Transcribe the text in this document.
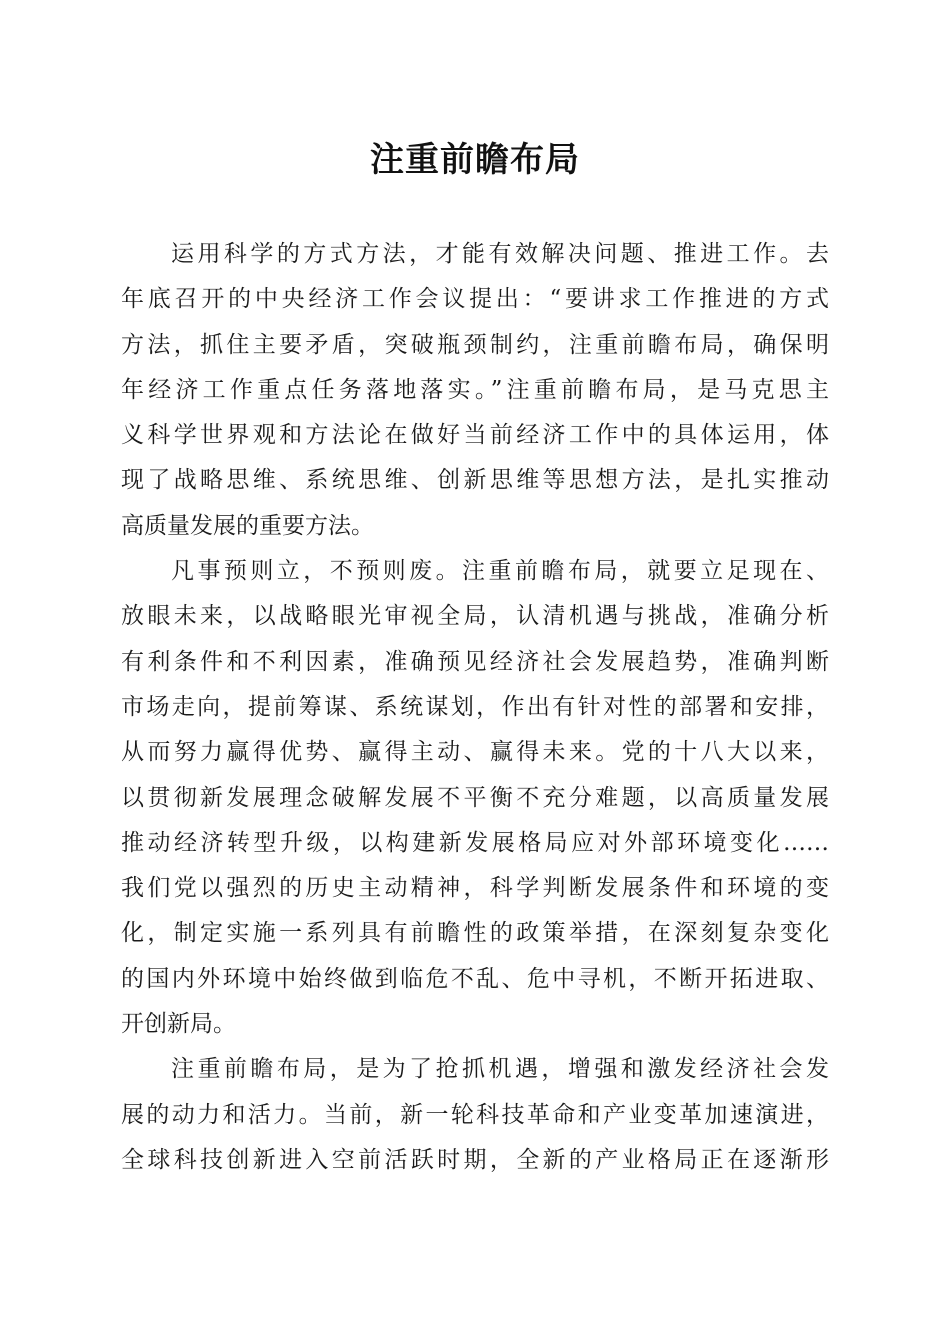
注重前瞻布局
运用科学的方式方法，才能有效解决问题、推进工作。去
年底召开的中央经济工作会议提出：“要讲求工作推进的方式
方法，抓住主要矛盾，突破瓶颈制约，注重前瞻布局，确保明
年经济工作重点任务落地落实。”注重前瞻布局，是马克思主
义科学世界观和方法论在做好当前经济工作中的具体运用，体
现了战略思维、系统思维、创新思维等思想方法，是扎实推动
高质量发展的重要方法。
凡事预则立，不预则废。注重前瞻布局，就要立足现在、
放眼未来，以战略眼光审视全局，认清机遇与挑战，准确分析
有利条件和不利因素，准确预见经济社会发展趋势，准确判断
市场走向，提前筹谋、系统谋划，作出有针对性的部署和安排，
从而努力赢得优势、赢得主动、赢得未来。党的十八大以来，
以贯彻新发展理念破解发展不平衡不充分难题，以高质量发展
推动经济转型升级，以构建新发展格局应对外部环境变化……
我们党以强烈的历史主动精神，科学判断发展条件和环境的变
化，制定实施一系列具有前瞻性的政策举措，在深刻复杂变化
的国内外环境中始终做到临危不乱、危中寻机，不断开拓进取、
开创新局。
注重前瞻布局，是为了抢抓机遇，增强和激发经济社会发
展的动力和活力。当前，新一轮科技革命和产业变革加速演进，
全球科技创新进入空前活跃时期，全新的产业格局正在逐渐形
